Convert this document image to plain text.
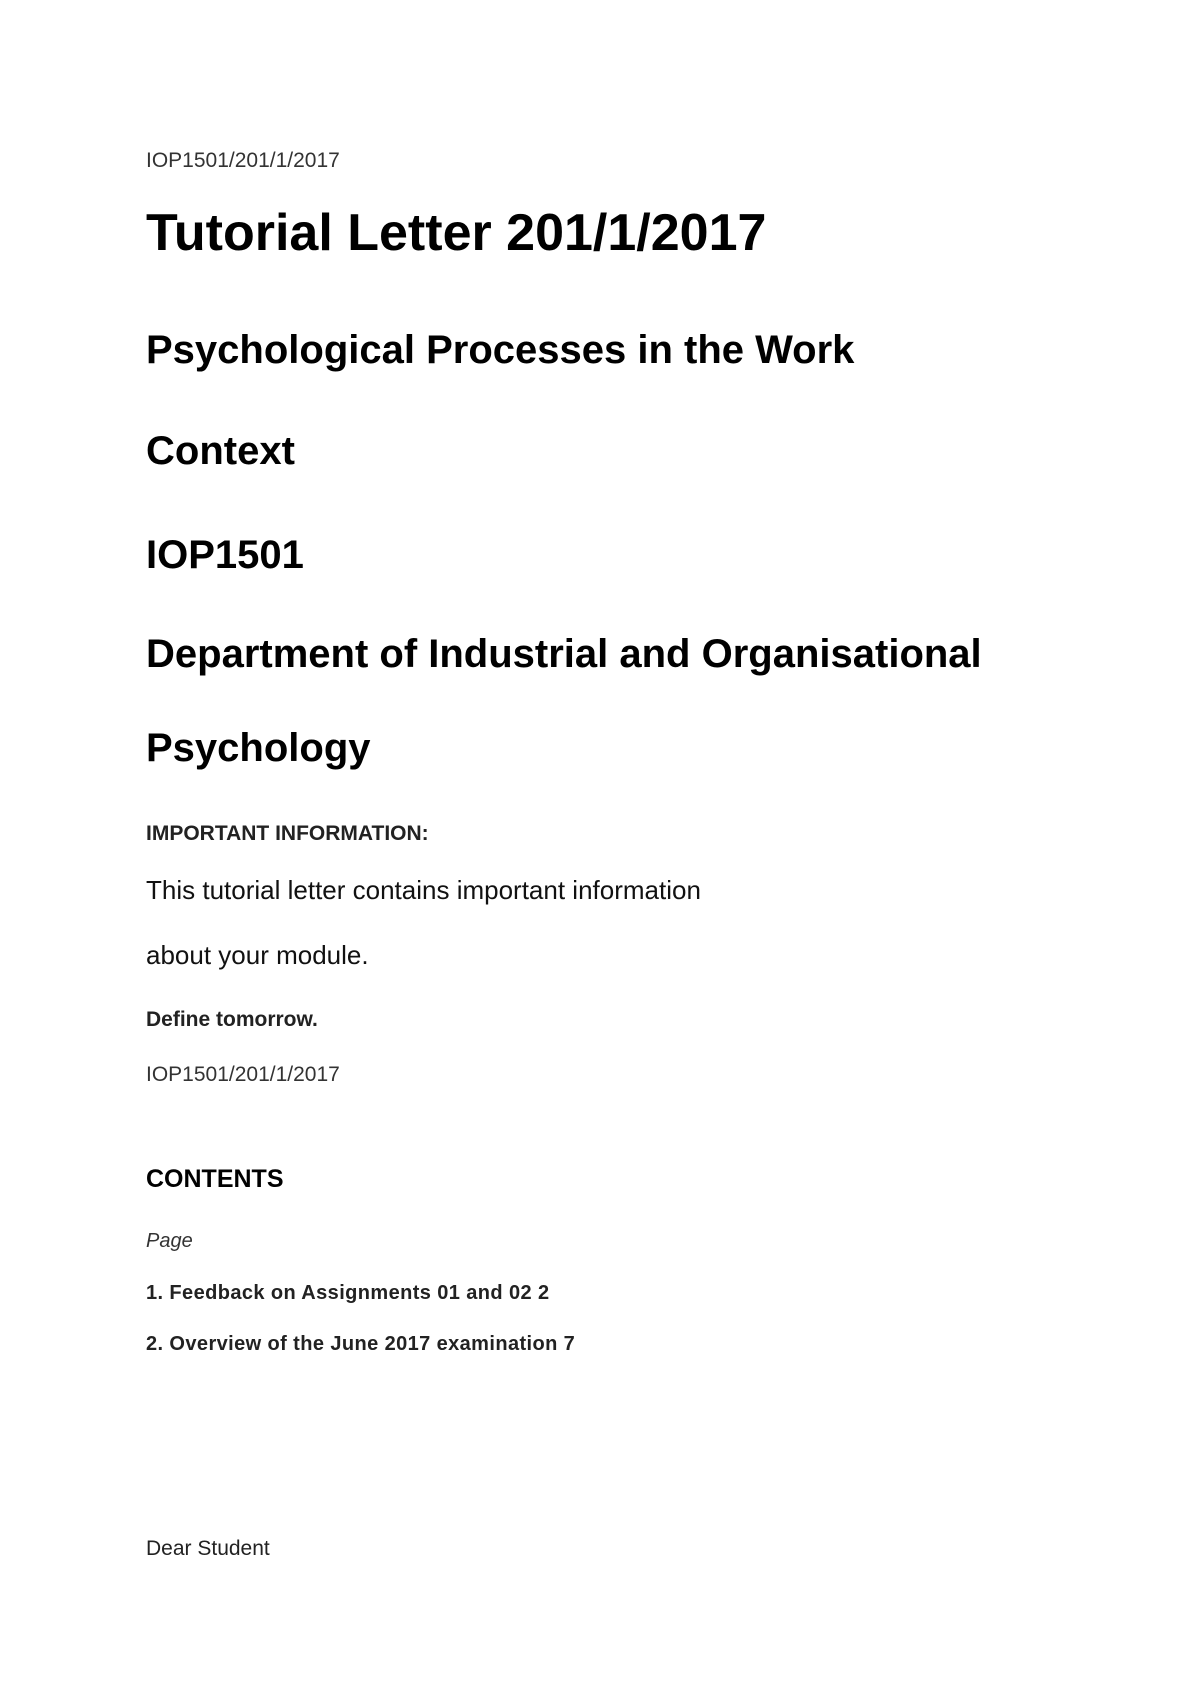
IOP1501/201/1/2017

Tutorial Letter 201/1/2017
Psychological Processes in the Work
Context
IOP1501
Department of Industrial and Organisational
Psychology

IMPORTANT INFORMATION:

This tutorial letter contains important information

about your module.

Define tomorrow.

IOP1501/201/1/2017

CONTENTS

Page

1. Feedback on Assignments 01 and 02 2

2. Overview of the June 2017 examination 7

Dear Student
